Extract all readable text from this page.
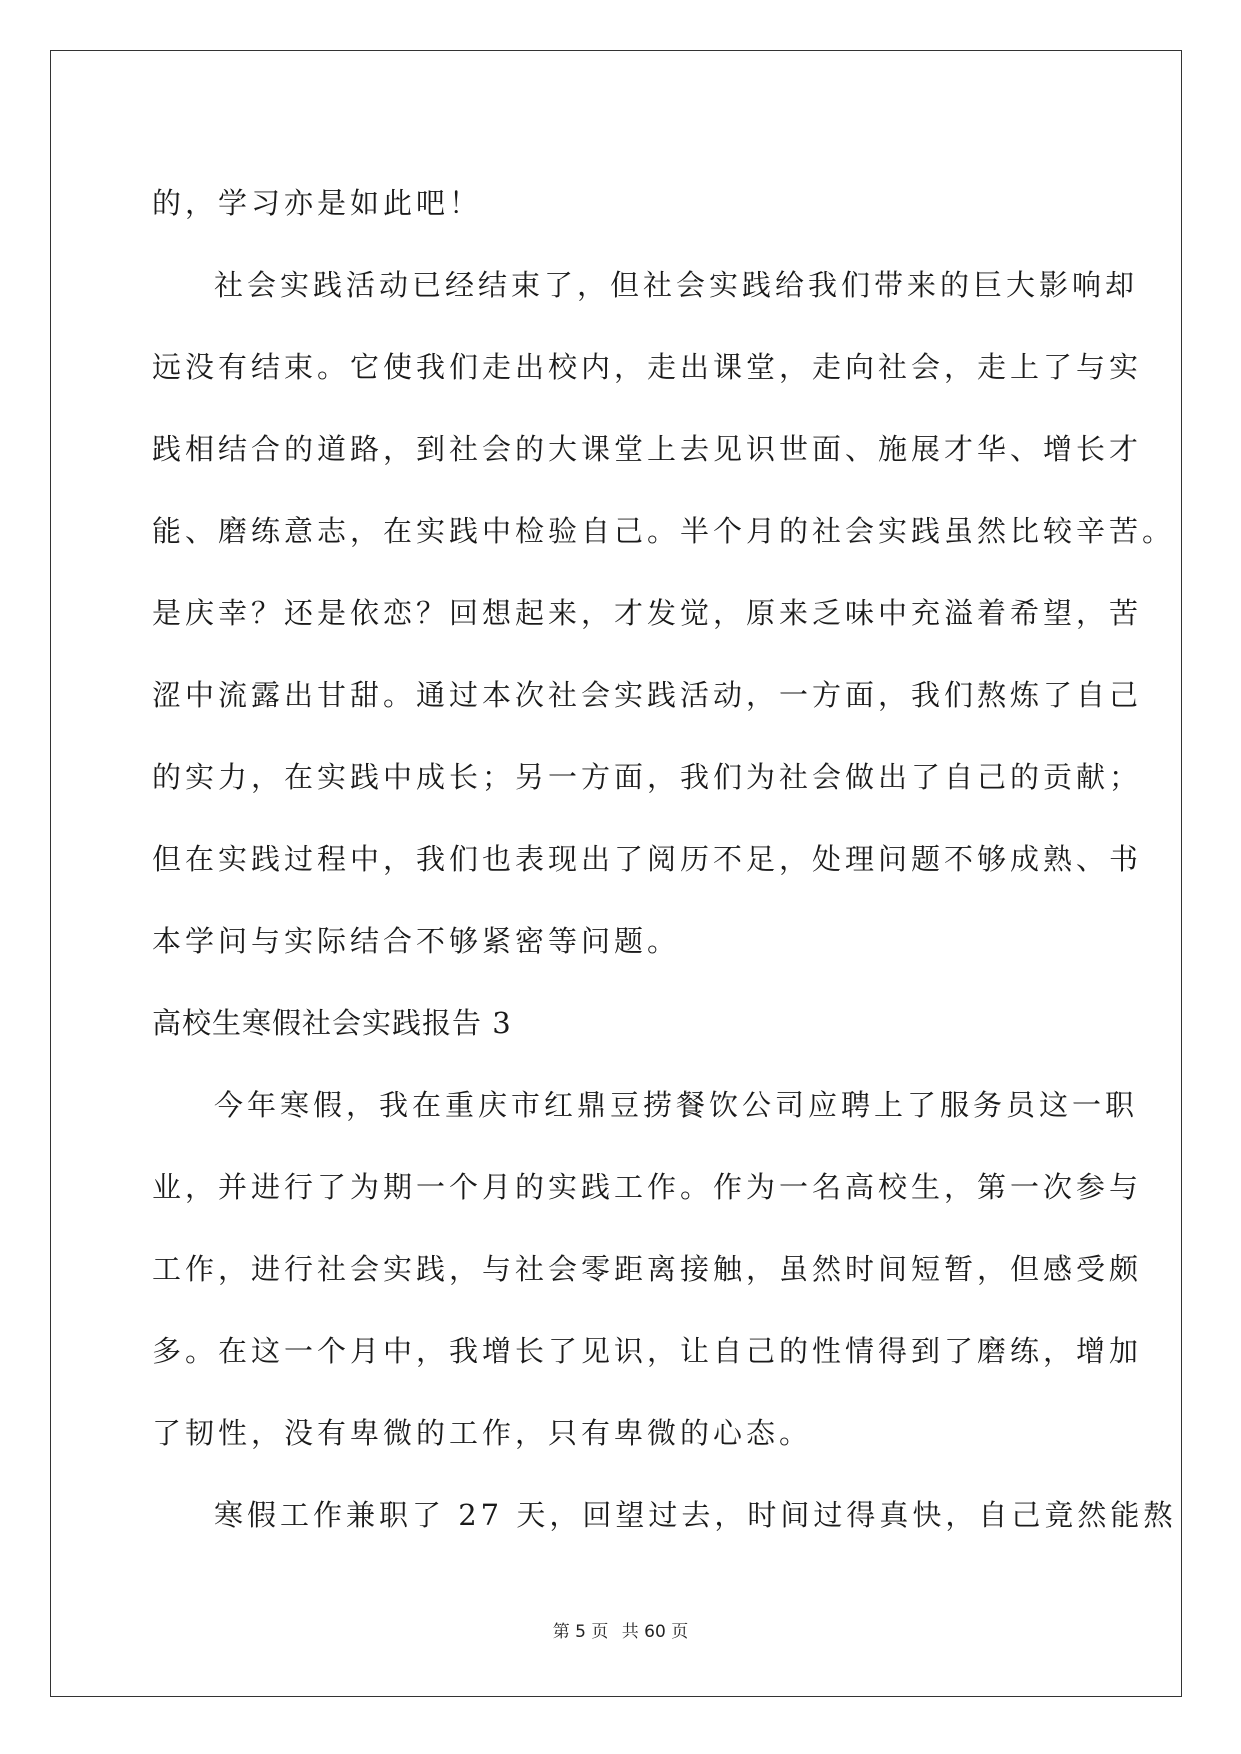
的，学习亦是如此吧！
社会实践活动已经结束了，但社会实践给我们带来的巨大影响却
远没有结束。它使我们走出校内，走出课堂，走向社会，走上了与实
践相结合的道路，到社会的大课堂上去见识世面、施展才华、增长才
能、磨练意志，在实践中检验自己。半个月的社会实践虽然比较辛苦。
是庆幸？还是依恋？回想起来，才发觉，原来乏味中充溢着希望，苦
涩中流露出甘甜。通过本次社会实践活动，一方面，我们熬炼了自己
的实力，在实践中成长；另一方面，我们为社会做出了自己的贡献；
但在实践过程中，我们也表现出了阅历不足，处理问题不够成熟、书
本学问与实际结合不够紧密等问题。
高校生寒假社会实践报告 3
今年寒假，我在重庆市红鼎豆捞餐饮公司应聘上了服务员这一职
业，并进行了为期一个月的实践工作。作为一名高校生，第一次参与
工作，进行社会实践，与社会零距离接触，虽然时间短暂，但感受颇
多。在这一个月中，我增长了见识，让自己的性情得到了磨练，增加
了韧性，没有卑微的工作，只有卑微的心态。
寒假工作兼职了 27 天，回望过去，时间过得真快，自己竟然能熬
第 5 页 共 60 页
